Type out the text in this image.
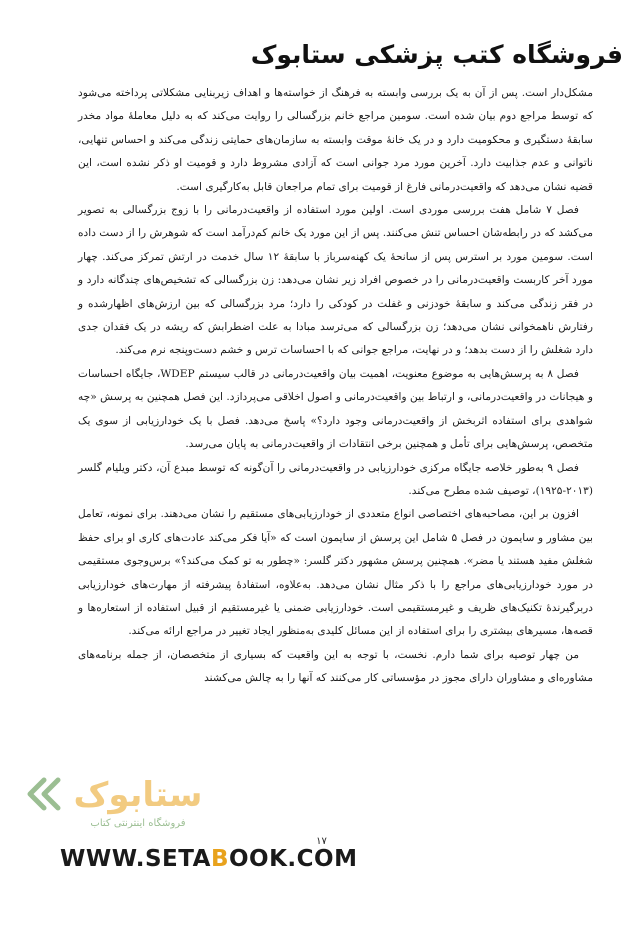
فروشگاه کتب پزشکی ستابوک

مشکل‌دار است. پس از آن به یک بررسی وابسته به فرهنگ از خواسته‌ها و اهداف زیربنایی مشکلاتی پرداخته می‌شود که توسط مراجع دوم بیان شده است. سومین مراجع خانم بزرگسالی را روایت می‌کند که به دلیل معاملهٔ مواد مخدر سابقهٔ دستگیری و محکومیت دارد و در یک خانهٔ موقت وابسته به سازمان‌های حمایتی زندگی می‌کند و احساس تنهایی، ناتوانی و عدم جذابیت دارد. آخرین مورد مرد جوانی است که آزادی مشروط دارد و قومیت او ذکر نشده است، این قضیه نشان می‌دهد که واقعیت‌درمانی فارغ از قومیت برای تمام مراجعان قابل به‌کارگیری است.

فصل ۷ شامل هفت بررسی موردی است. اولین مورد استفاده از واقعیت‌درمانی را با زوج بزرگسالی به تصویر می‌کشد که در رابطه‌شان احساس تنش می‌کنند. پس از این مورد یک خانم کم‌درآمد است که شوهرش را از دست داده است. سومین مورد بر استرس پس از سانحهٔ یک کهنه‌سرباز با سابقهٔ ۱۲ سال خدمت در ارتش تمرکز می‌کند. چهار مورد آخر کاربست واقعیت‌درمانی را در خصوص افراد زیر نشان می‌دهد: زن بزرگسالی که تشخیص‌های چندگانه دارد و در فقر زندگی می‌کند و سابقهٔ خودزنی و غفلت در کودکی را دارد؛ مرد بزرگسالی که بین ارزش‌های اظهارشده و رفتارش ناهمخوانی نشان می‌دهد؛ زن بزرگسالی که می‌ترسد مبادا به علت اضطرابش که ریشه در یک فقدان جدی دارد شغلش را از دست بدهد؛ و در نهایت، مراجع جوانی که با احساسات ترس و خشم دست‌وپنجه نرم می‌کند.

فصل ۸ به پرسش‌هایی به موضوع معنویت، اهمیت بیان واقعیت‌درمانی در قالب سیستم WDEP، جایگاه احساسات و هیجانات در واقعیت‌درمانی، و ارتباط بین واقعیت‌درمانی و اصول اخلاقی می‌پردازد. این فصل همچنین به پرسش «چه شواهدی برای استفاده اثربخش از واقعیت‌درمانی وجود دارد؟» پاسخ می‌دهد. فصل با یک خودارزیابی از سوی یک متخصص، پرسش‌هایی برای تأمل و همچنین برخی انتقادات از واقعیت‌درمانی به پایان می‌رسد.

فصل ۹ به‌طور خلاصه جایگاه مرکزی خودارزیابی در واقعیت‌درمانی را آن‌گونه که توسط مبدع آن، دکتر ویلیام گلسر (۲۰۱۳-۱۹۲۵)، توصیف شده مطرح می‌کند.

افزون بر این، مصاحبه‌های اختصاصی انواع متعددی از خودارزیابی‌های مستقیم را نشان می‌دهند. برای نمونه، تعامل بین مشاور و سایمون در فصل ۵ شامل این پرسش از سایمون است که «آیا فکر می‌کند عادت‌های کاری او برای حفظ شغلش مفید هستند یا مضر». همچنین پرسش مشهور دکتر گلسر: «چطور به تو کمک می‌کند؟» برس‌وجوی مستقیمی در مورد خودارزیابی‌های مراجع را با ذکر مثال نشان می‌دهد. به‌علاوه، استفادهٔ پیشرفته از مهارت‌های خودارزیابی دربرگیرندهٔ تکنیک‌های ظریف و غیرمستقیمی است. خودارزیابی ضمنی یا غیرمستقیم از قبیل استفاده از استعاره‌ها و قصه‌ها، مسیرهای بیشتری را برای استفاده از این مسائل کلیدی به‌منظور ایجاد تغییر در مراجع ارائه می‌کند.

من چهار توصیه برای شما دارم. نخست، با توجه به این واقعیت که بسیاری از متخصصان، از جمله برنامه‌های مشاوره‌ای و مشاوران دارای مجوز در مؤسساتی کار می‌کنند که آنها را به چالش می‌کشند

۱۷
ستابوک
فروشگاه اینترنتی کتاب
WWW.SETABOOK.COM
